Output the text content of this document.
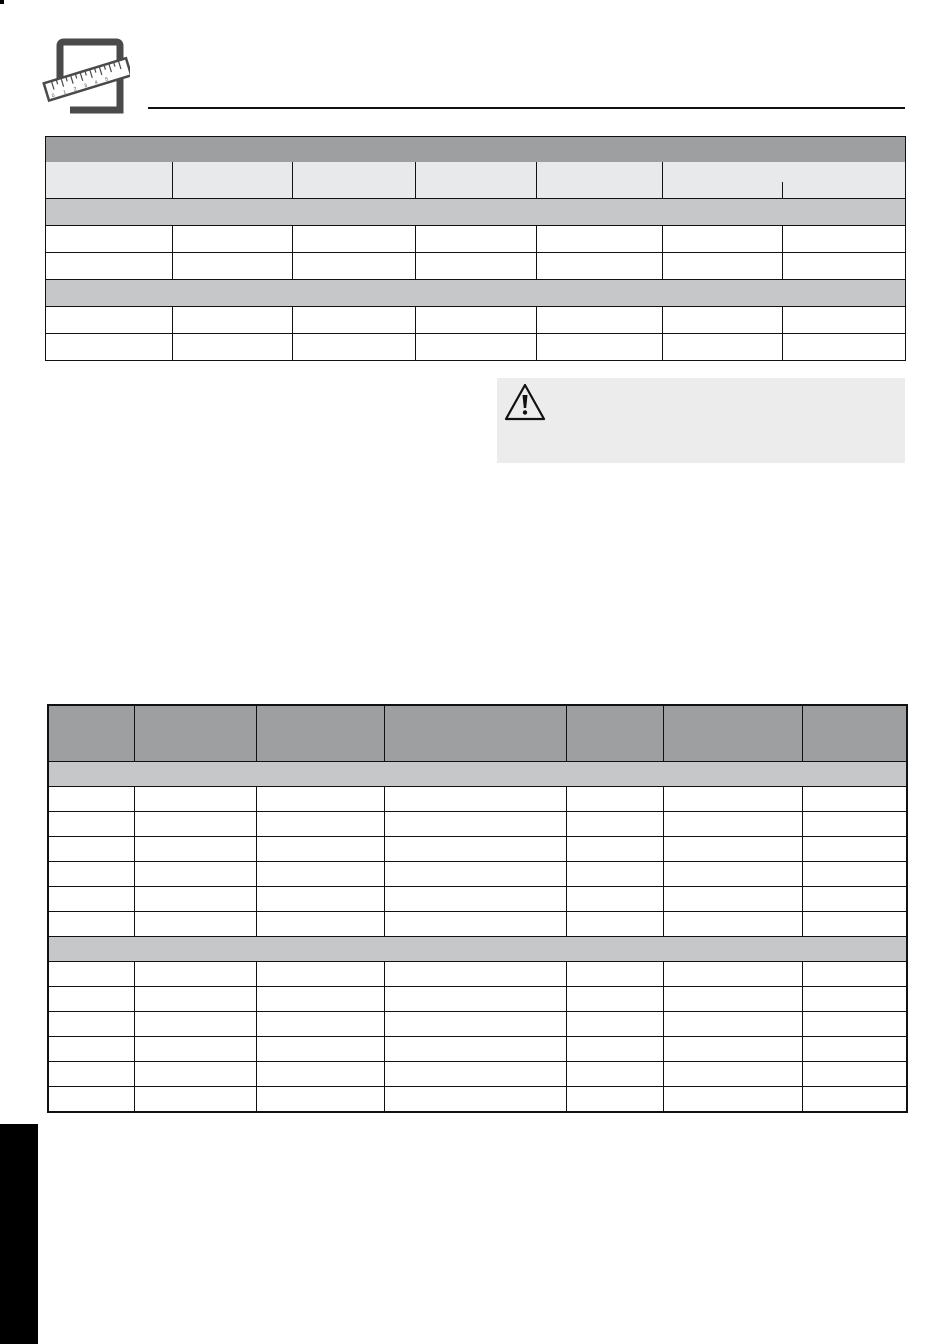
0
1 2 3 4 5
